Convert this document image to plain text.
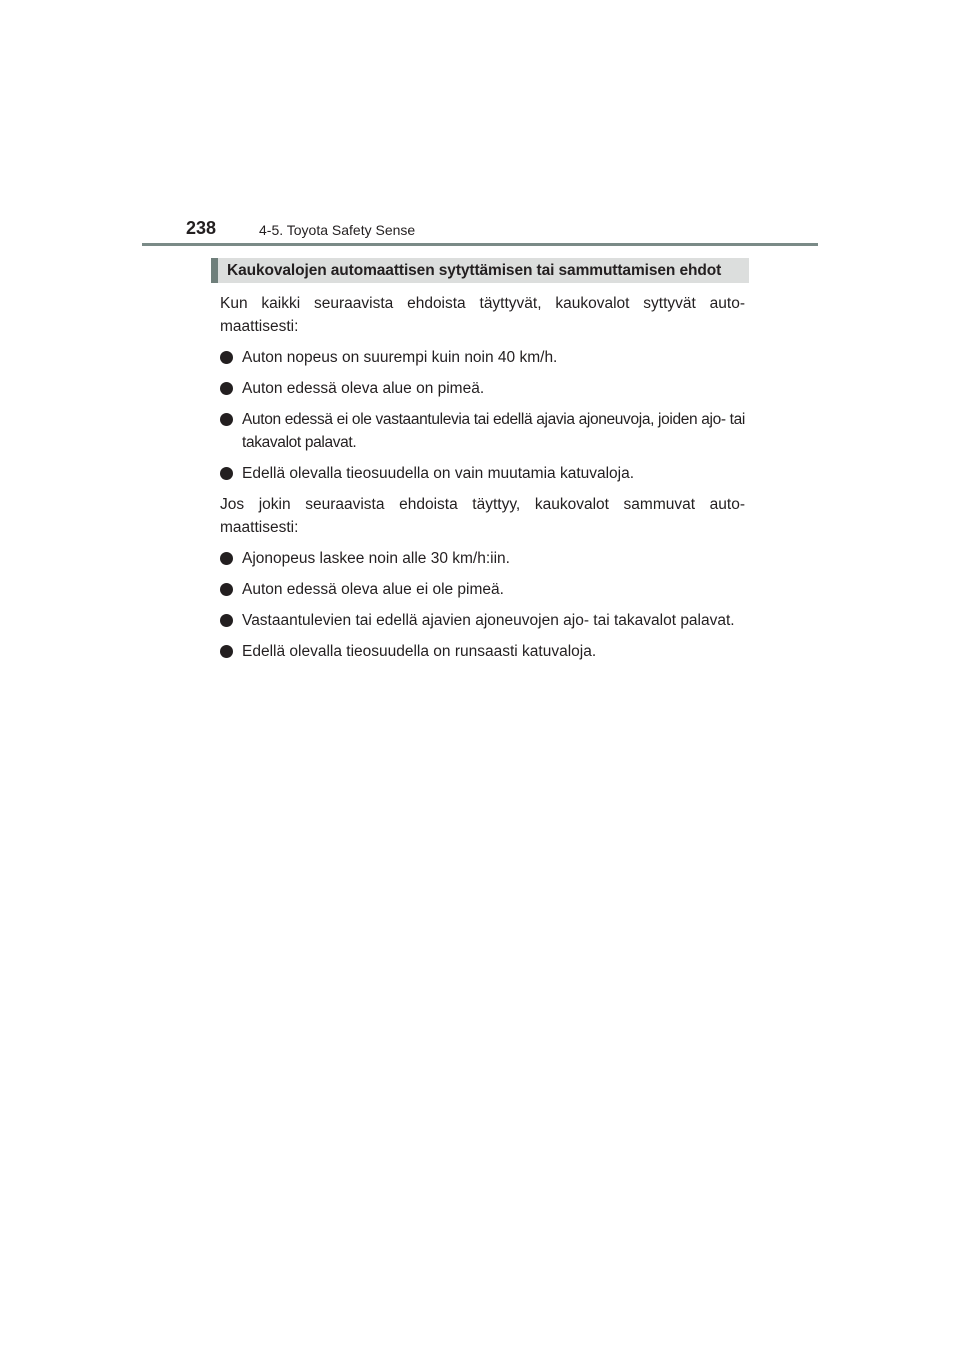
238	4-5. Toyota Safety Sense
Kaukovalojen automaattisen sytyttämisen tai sammuttamisen ehdot

Kun kaikki seuraavista ehdoista täyttyvät, kaukovalot syttyvät automaattisesti:

Auton nopeus on suurempi kuin noin 40 km/h.
Auton edessä oleva alue on pimeä.
Auton edessä ei ole vastaantulevia tai edellä ajavia ajoneuvoja, joiden ajo- tai takavalot palavat.
Edellä olevalla tieosuudella on vain muutamia katuvaloja.

Jos jokin seuraavista ehdoista täyttyy, kaukovalot sammuvat automaattisesti:

Ajonopeus laskee noin alle 30 km/h:iin.
Auton edessä oleva alue ei ole pimeä.
Vastaantulevien tai edellä ajavien ajoneuvojen ajo- tai takavalot palavat.
Edellä olevalla tieosuudella on runsaasti katuvaloja.
